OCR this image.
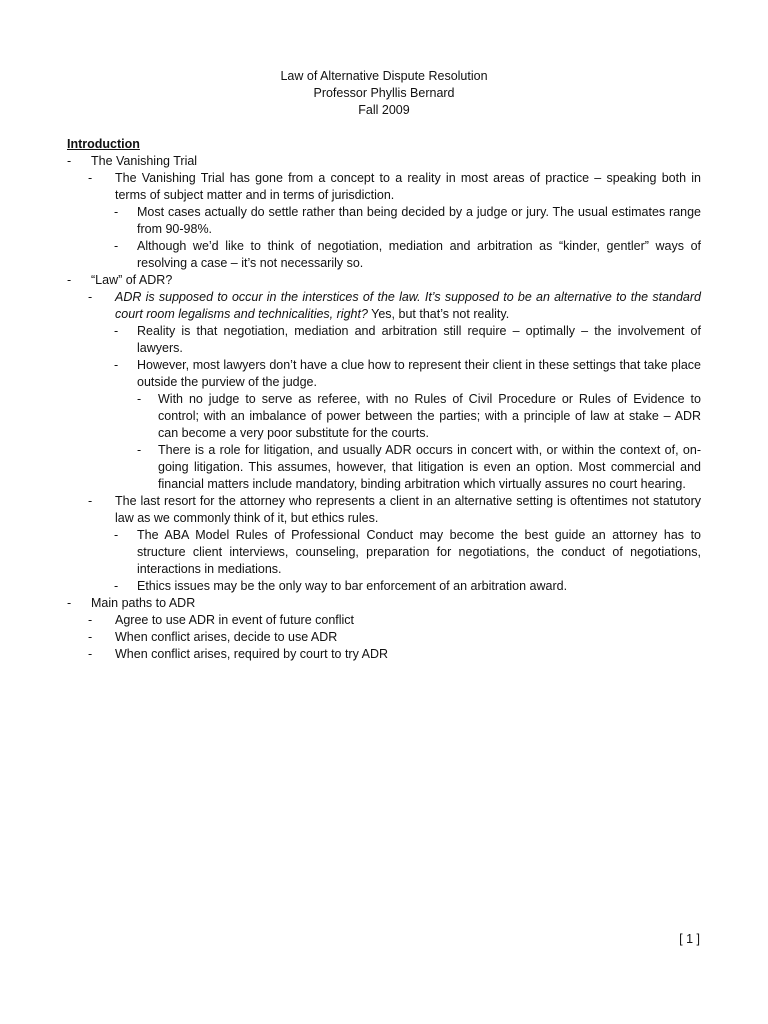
Law of Alternative Dispute Resolution
Professor Phyllis Bernard
Fall 2009
Introduction
- The Vanishing Trial
- The Vanishing Trial has gone from a concept to a reality in most areas of practice – speaking both in terms of subject matter and in terms of jurisdiction.
- Most cases actually do settle rather than being decided by a judge or jury. The usual estimates range from 90-98%.
- Although we’d like to think of negotiation, mediation and arbitration as “kinder, gentler” ways of resolving a case – it’s not necessarily so.
- “Law” of ADR?
- ADR is supposed to occur in the interstices of the law. It’s supposed to be an alternative to the standard court room legalisms and technicalities, right? Yes, but that’s not reality.
- Reality is that negotiation, mediation and arbitration still require – optimally – the involvement of lawyers.
- However, most lawyers don’t have a clue how to represent their client in these settings that take place outside the purview of the judge.
- With no judge to serve as referee, with no Rules of Civil Procedure or Rules of Evidence to control; with an imbalance of power between the parties; with a principle of law at stake – ADR can become a very poor substitute for the courts.
- There is a role for litigation, and usually ADR occurs in concert with, or within the context of, on-going litigation. This assumes, however, that litigation is even an option. Most commercial and financial matters include mandatory, binding arbitration which virtually assures no court hearing.
- The last resort for the attorney who represents a client in an alternative setting is oftentimes not statutory law as we commonly think of it, but ethics rules.
- The ABA Model Rules of Professional Conduct may become the best guide an attorney has to structure client interviews, counseling, preparation for negotiations, the conduct of negotiations, interactions in mediations.
- Ethics issues may be the only way to bar enforcement of an arbitration award.
- Main paths to ADR
- Agree to use ADR in event of future conflict
- When conflict arises, decide to use ADR
- When conflict arises, required by court to try ADR
[ 1 ]
